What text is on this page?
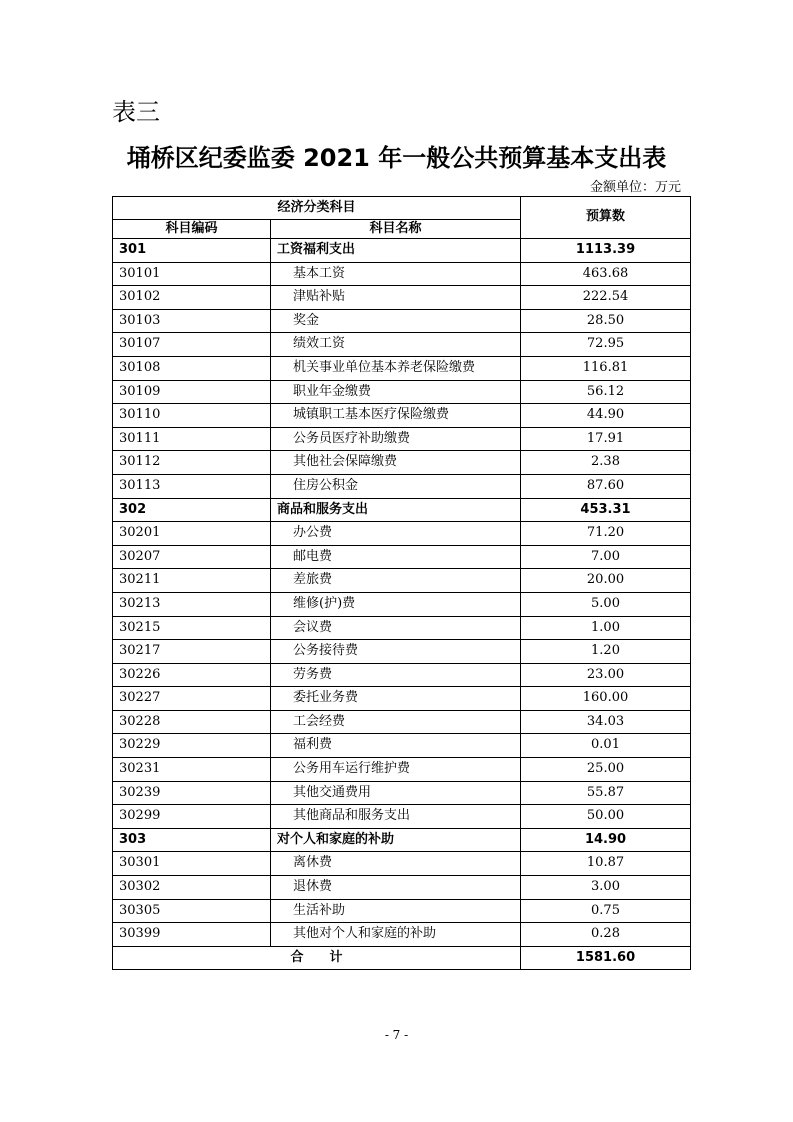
表三
埇桥区纪委监委 2021 年一般公共预算基本支出表
金额单位：万元
经济分类科目		预算数
科目编码	科目名称	
301	工资福利支出	1113.39
30101	基本工资	463.68
30102	津贴补贴	222.54
30103	奖金	28.50
30107	绩效工资	72.95
30108	机关事业单位基本养老保险缴费	116.81
30109	职业年金缴费	56.12
30110	城镇职工基本医疗保险缴费	44.90
30111	公务员医疗补助缴费	17.91
30112	其他社会保障缴费	2.38
30113	住房公积金	87.60
302	商品和服务支出	453.31
30201	办公费	71.20
30207	邮电费	7.00
30211	差旅费	20.00
30213	维修(护)费	5.00
30215	会议费	1.00
30217	公务接待费	1.20
30226	劳务费	23.00
30227	委托业务费	160.00
30228	工会经费	34.03
30229	福利费	0.01
30231	公务用车运行维护费	25.00
30239	其他交通费用	55.87
30299	其他商品和服务支出	50.00
303	对个人和家庭的补助	14.90
30301	离休费	10.87
30302	退休费	3.00
30305	生活补助	0.75
30399	其他对个人和家庭的补助	0.28
合　　计		1581.60
- 7 -
